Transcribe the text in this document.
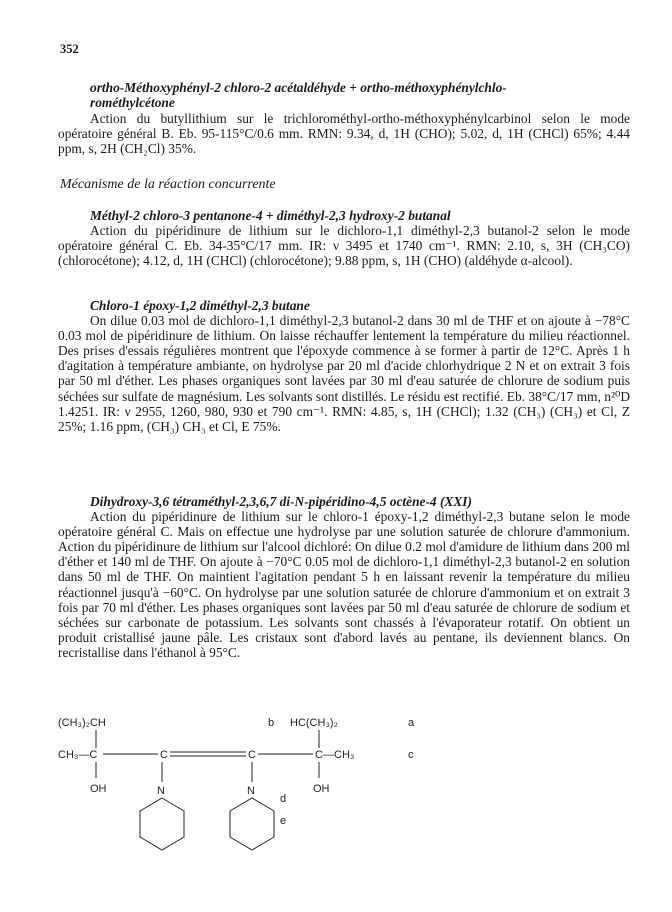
352

ortho-Méthoxyphényl-2 chloro-2 acétaldéhyde + ortho-méthoxyphénylchlo-

rométhylcétone

Action du butyllithium sur le trichlorométhyl-ortho-méthoxyphénylcarbinol selon le mode opératoire général B. Eb. 95-115°C/0.6 mm. RMN: 9.34, d, 1H (CHO); 5.02, d, 1H (CHCl) 65%; 4.44 ppm, s, 2H (CH₂Cl) 35%.

Mécanisme de la réaction concurrente
Méthyl-2 chloro-3 pentanone-4 + diméthyl-2,3 hydroxy-2 butanal

Action du pipéridinure de lithium sur le dichloro-1,1 diméthyl-2,3 butanol-2 selon le mode opératoire général C. Eb. 34-35°C/17 mm. IR: ν 3495 et 1740 cm⁻¹. RMN: 2.10, s, 3H (CH₃CO) (chlorocétone); 4.12, d, 1H (CHCl) (chlorocétone); 9.88 ppm, s, 1H (CHO) (aldéhyde α-alcool).

Chloro-1 époxy-1,2 diméthyl-2,3 butane

On dilue 0.03 mol de dichloro-1,1 diméthyl-2,3 butanol-2 dans 30 ml de THF et on ajoute à −78°C 0.03 mol de pipéridinure de lithium. On laisse réchauffer lentement la température du milieu réactionnel. Des prises d'essais régulières montrent que l'époxyde commence à se former à partir de 12°C. Après 1 h d'agitation à température ambiante, on hydrolyse par 20 ml d'acide chlorhydrique 2 N et on extrait 3 fois par 50 ml d'éther. Les phases organiques sont lavées par 30 ml d'eau saturée de chlorure de sodium puis séchées sur sulfate de magnésium. Les solvants sont distillés. Le résidu est rectifié. Eb. 38°C/17 mm, n²⁰D 1.4251. IR: ν 2955, 1260, 980, 930 et 790 cm⁻¹. RMN: 4.85, s, 1H (CHCl); 1.32 (CH₃) (CH₃) et Cl, Z 25%; 1.16 ppm, (CH₃) CH₃ et Cl, E 75%.

Dihydroxy-3,6 tétraméthyl-2,3,6,7 di-N-pipéridino-4,5 octène-4 (XXI)

Action du pipéridinure de lithium sur le chloro-1 époxy-1,2 diméthyl-2,3 butane selon le mode opératoire général C. Mais on effectue une hydrolyse par une solution saturée de chlorure d'ammonium. Action du pipéridinure de lithium sur l'alcool dichloré: On dilue 0.2 mol d'amidure de lithium dans 200 ml d'éther et 140 ml de THF. On ajoute à −70°C 0.05 mol de dichloro-1,1 diméthyl-2,3 butanol-2 en solution dans 50 ml de THF. On maintient l'agitation pendant 5 h en laissant revenir la température du milieu réactionnel jusqu'à −60°C. On hydrolyse par une solution saturée de chlorure d'ammonium et on extrait 3 fois par 70 ml d'éther. Les phases organiques sont lavées par 50 ml d'eau saturée de chlorure de sodium et séchées sur carbonate de potassium. Les solvants sont chassés à l'évaporateur rotatif. On obtient un produit cristallisé jaune pâle. Les cristaux sont d'abord lavés au pentane, ils deviennent blancs. On recristallise dans l'éthanol à 95°C.

(CH₃)₂CH
CH₃—C
OH
C	C
HC(CH₃)₂
C —CH₃
OH
N	N
a
b
c
d
e
